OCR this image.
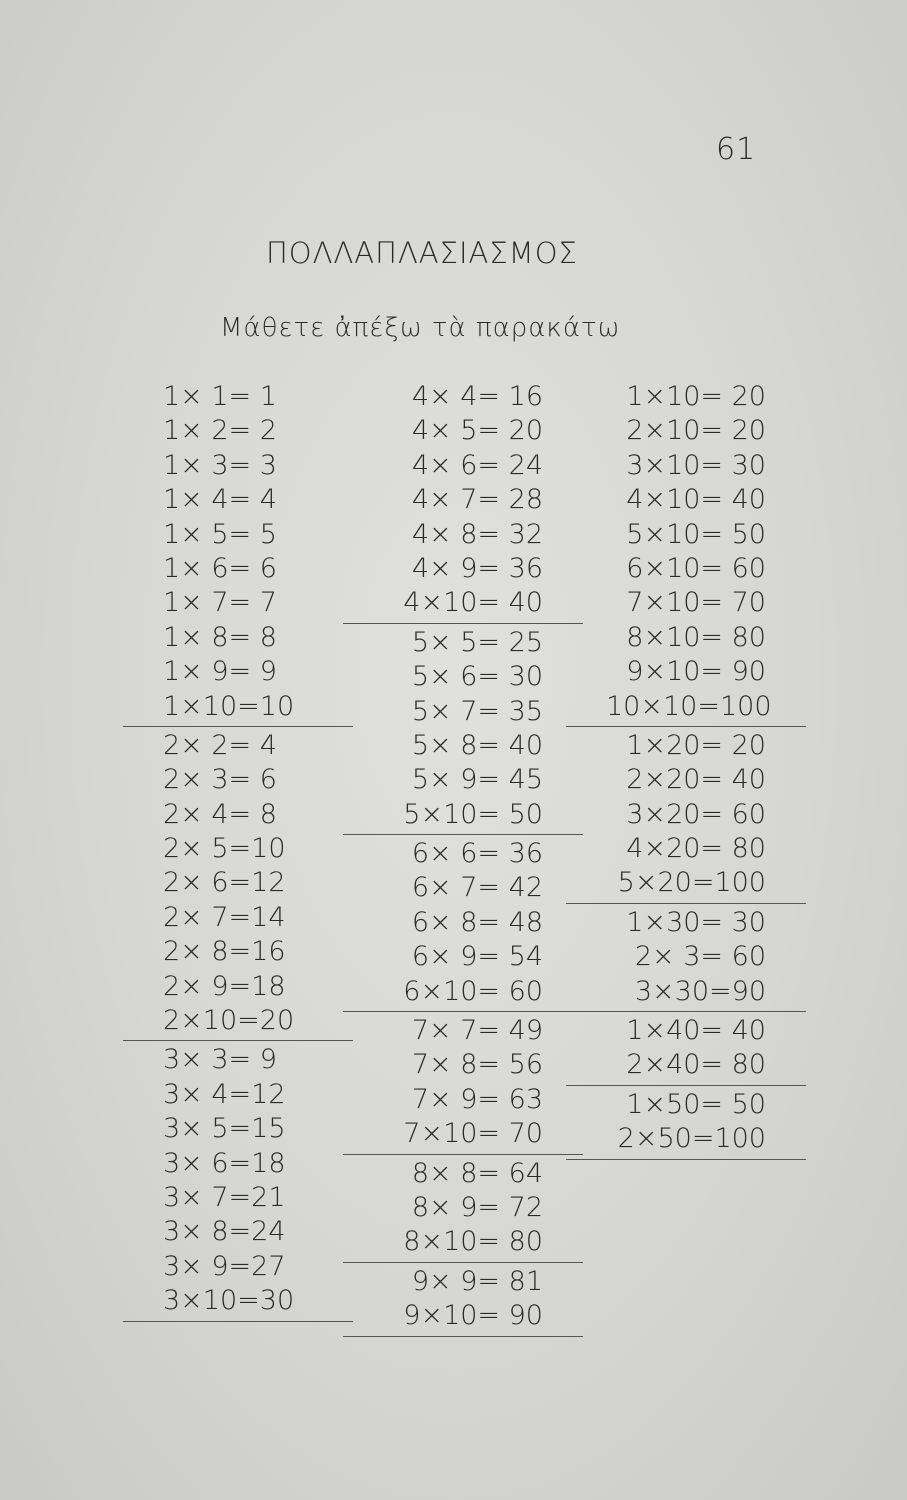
61
ΠΟΛΛΑΠΛΑΣΙΑΣΜΟΣ
Μάθετε ἀπέξω τὰ παρακάτω
1× 1= 1
1× 2= 2
1× 3= 3
1× 4= 4
1× 5= 5
1× 6= 6
1× 7= 7
1× 8= 8
1× 9= 9
1×10=10
2× 2= 4
2× 3= 6
2× 4= 8
2× 5=10
2× 6=12
2× 7=14
2× 8=16
2× 9=18
2×10=20
3× 3= 9
3× 4=12
3× 5=15
3× 6=18
3× 7=21
3× 8=24
3× 9=27
3×10=30
4× 4= 16
4× 5= 20
4× 6= 24
4× 7= 28
4× 8= 32
4× 9= 36
4×10= 40
5× 5= 25
5× 6= 30
5× 7= 35
5× 8= 40
5× 9= 45
5×10= 50
6× 6= 36
6× 7= 42
6× 8= 48
6× 9= 54
6×10= 60
7× 7= 49
7× 8= 56
7× 9= 63
7×10= 70
8× 8= 64
8× 9= 72
8×10= 80
9× 9= 81
9×10= 90
1×10= 20
2×10= 20
3×10= 30
4×10= 40
5×10= 50
6×10= 60
7×10= 70
8×10= 80
9×10= 90
10×10=100
1×20= 20
2×20= 40
3×20= 60
4×20= 80
5×20=100
1×30= 30
2× 3= 60
3×30=90
1×40= 40
2×40= 80
1×50= 50
2×50=100
